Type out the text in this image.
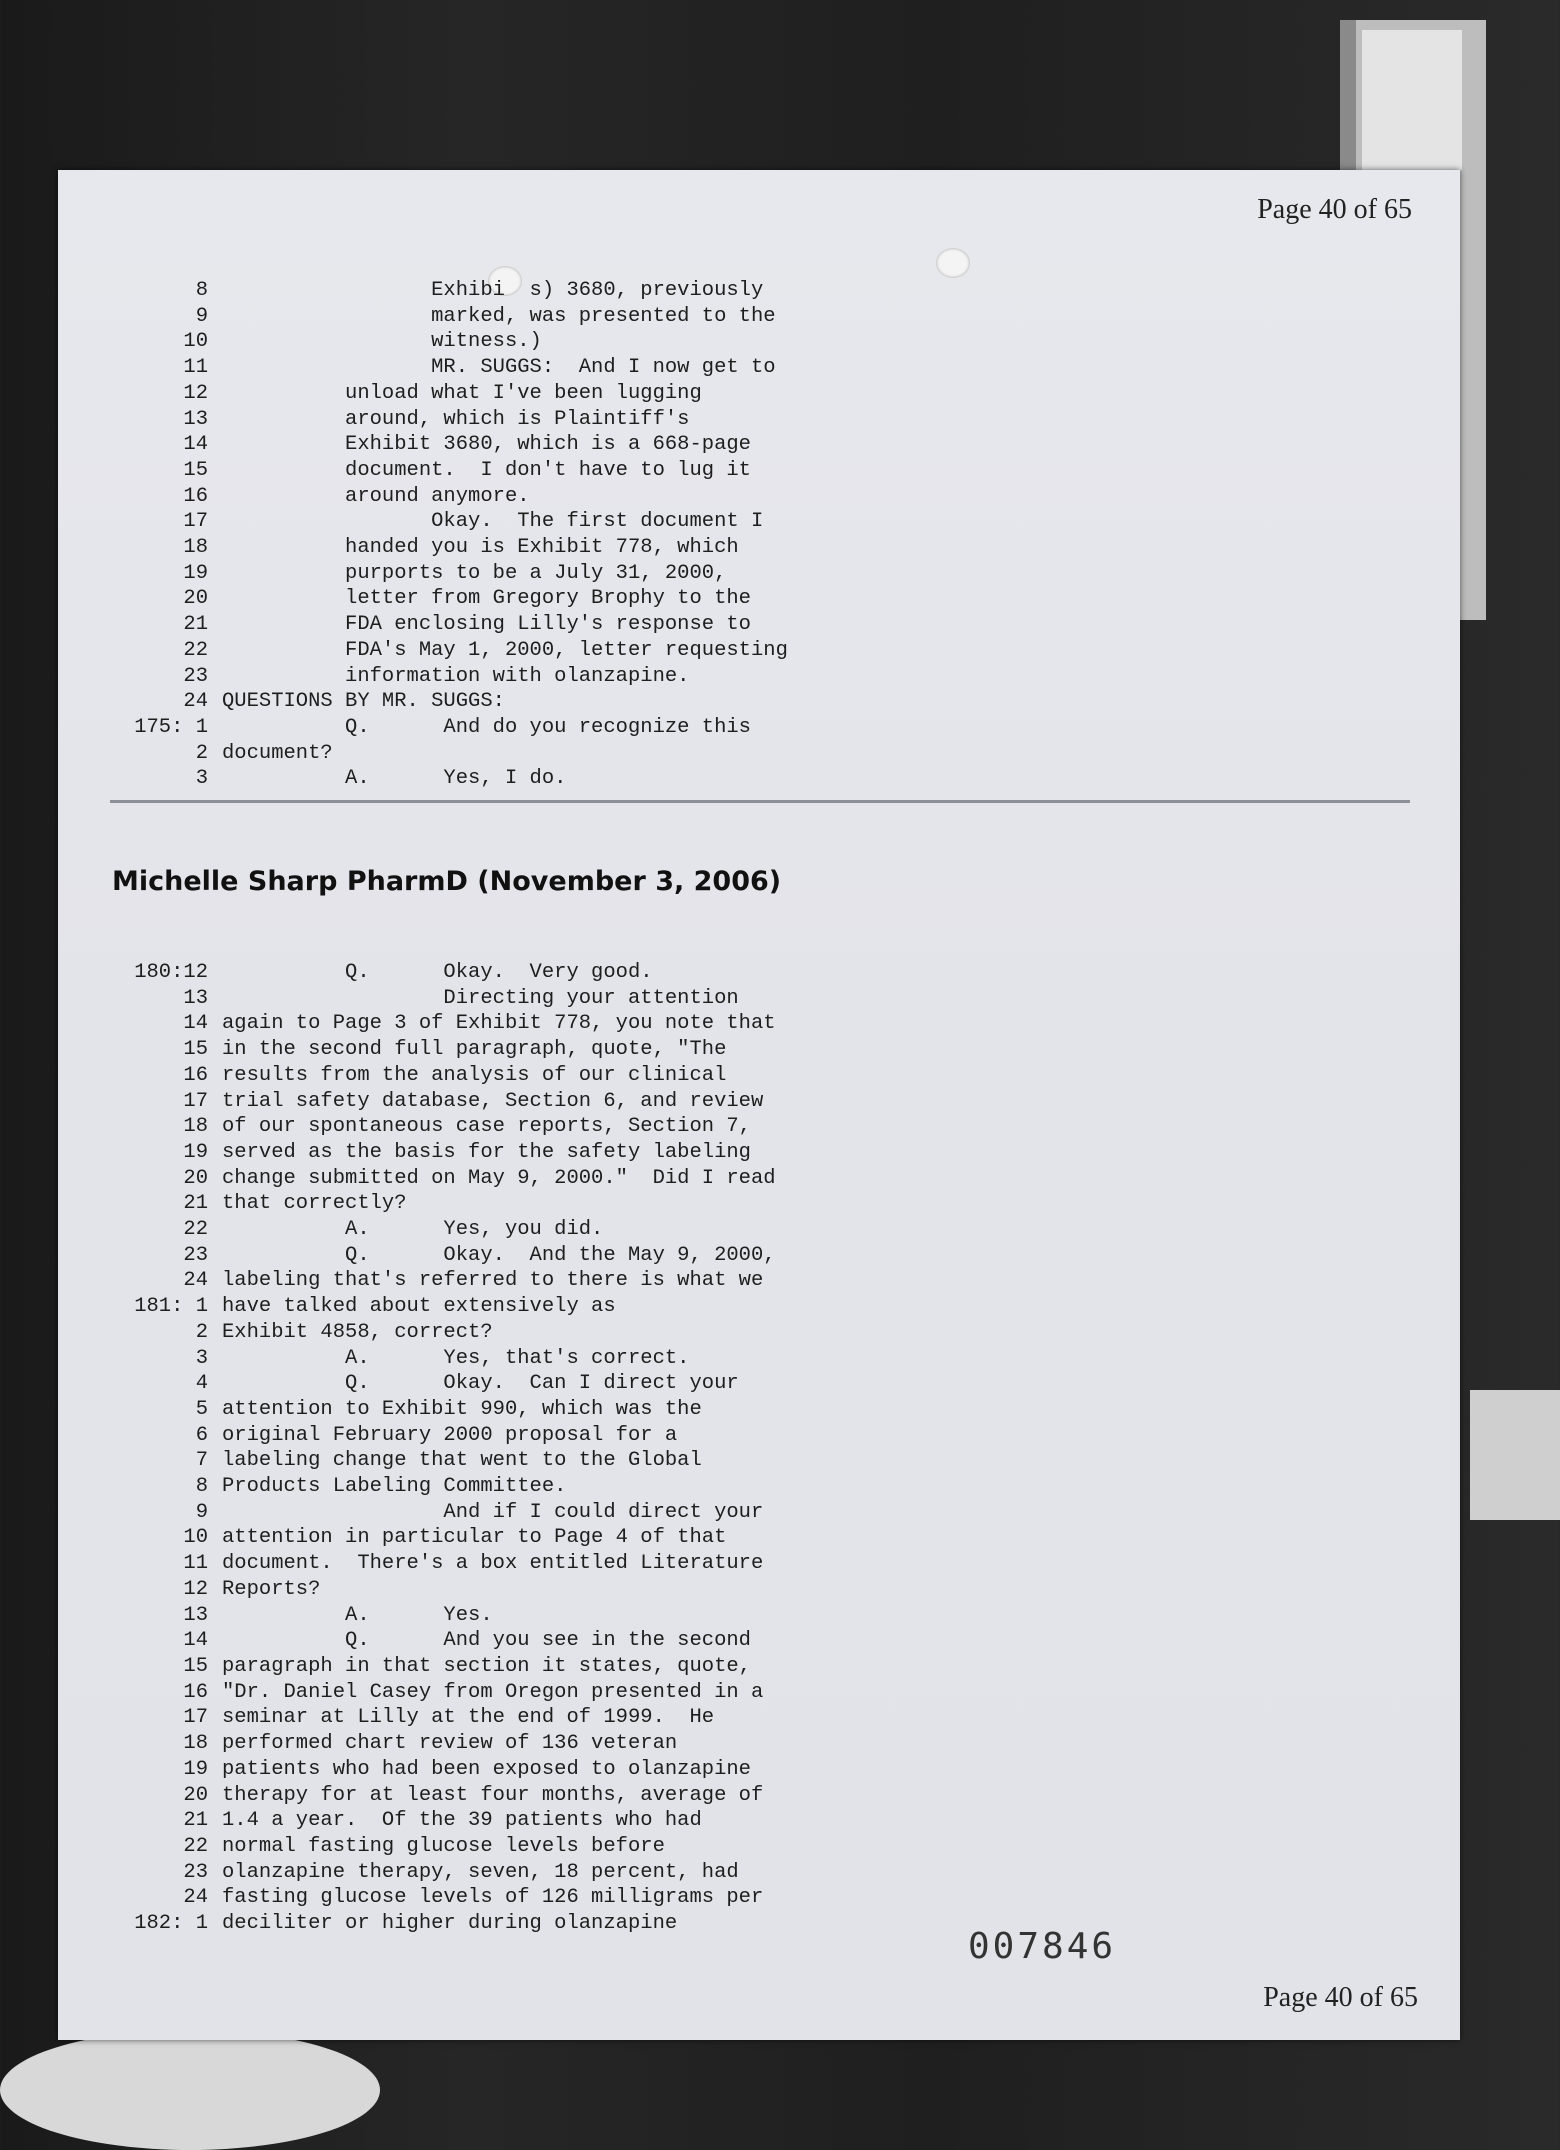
Page 40 of 65
8 Exhibi  s) 3680, previously
9 marked, was presented to the
10 witness.)
11 MR. SUGGS:  And I now get to
12 unload what I've been lugging
13 around, which is Plaintiff's
14 Exhibit 3680, which is a 668-page
15 document.  I don't have to lug it
16 around anymore.
17 Okay.  The first document I
18 handed you is Exhibit 778, which
19 purports to be a July 31, 2000,
20 letter from Gregory Brophy to the
21 FDA enclosing Lilly's response to
22 FDA's May 1, 2000, letter requesting
23 information with olanzapine.
24 QUESTIONS BY MR. SUGGS:
175: 1 Q.      And do you recognize this
2 document?
3 A.      Yes, I do.
Michelle Sharp PharmD (November 3, 2006)
180:12 Q.      Okay.  Very good.
13 Directing your attention
14 again to Page 3 of Exhibit 778, you note that
15 in the second full paragraph, quote, "The
16 results from the analysis of our clinical
17 trial safety database, Section 6, and review
18 of our spontaneous case reports, Section 7,
19 served as the basis for the safety labeling
20 change submitted on May 9, 2000."  Did I read
21 that correctly?
22 A.      Yes, you did.
23 Q.      Okay.  And the May 9, 2000,
24 labeling that's referred to there is what we
181: 1 have talked about extensively as
2 Exhibit 4858, correct?
3 A.      Yes, that's correct.
4 Q.      Okay.  Can I direct your
5 attention to Exhibit 990, which was the
6 original February 2000 proposal for a
7 labeling change that went to the Global
8 Products Labeling Committee.
9 And if I could direct your
10 attention in particular to Page 4 of that
11 document.  There's a box entitled Literature
12 Reports?
13 A.      Yes.
14 Q.      And you see in the second
15 paragraph in that section it states, quote,
16 "Dr. Daniel Casey from Oregon presented in a
17 seminar at Lilly at the end of 1999.  He
18 performed chart review of 136 veteran
19 patients who had been exposed to olanzapine
20 therapy for at least four months, average of
21 1.4 a year.  Of the 39 patients who had
22 normal fasting glucose levels before
23 olanzapine therapy, seven, 18 percent, had
24 fasting glucose levels of 126 milligrams per
182: 1 deciliter or higher during olanzapine
007846
Page 40 of 65
